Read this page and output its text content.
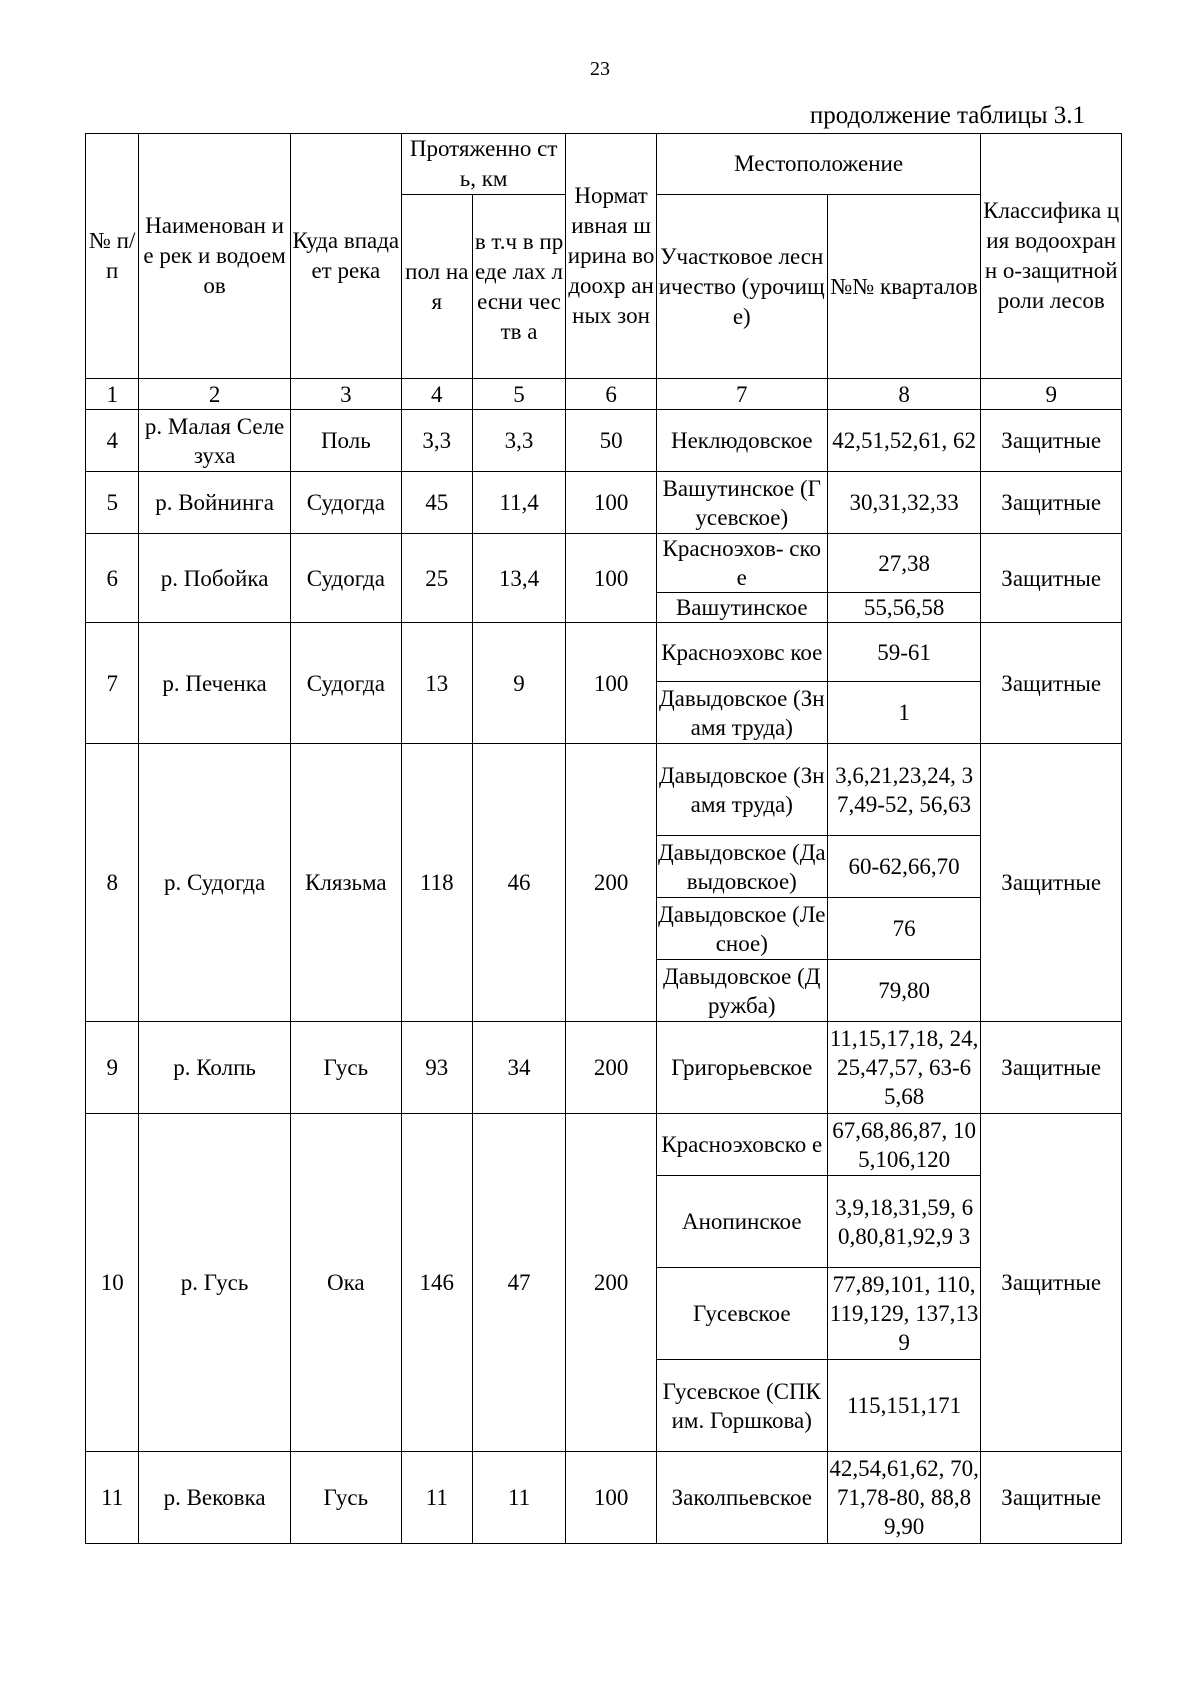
23
продолжение таблицы 3.1
№ п/п	Наименован ие рек и водоемов	Куда впадает река	Протяженно сть, км		Нормат ивная ширина водоохр анных зон	Местоположение		Классифика ция водоохранн о-защитной роли лесов
			пол ная	в т.ч в преде лах лесни честв а		Участковое лесничество (урочище)	№№ кварталов	
1	2	3	4	5	6	7	8	9
4	р. Малая Селезуха	Поль	3,3	3,3	50	Неклюдовское	42,51,52,61, 62	Защитные
5	р. Войнинга	Судогда	45	11,4	100	Вашутинское (Гусевское)	30,31,32,33	Защитные
6	р. Побойка	Судогда	25	13,4	100	Красноэхов- ское	27,38	Защитные
						Вашутинское	55,56,58	
7	р. Печенка	Судогда	13	9	100	Красноэховс кое	59-61	Защитные
						Давыдовское (Знамя труда)	1	
8	р. Судогда	Клязьма	118	46	200	Давыдовское (Знамя труда)	3,6,21,23,24, 37,49-52, 56,63	Защитные
						Давыдовское (Давыдовское)	60-62,66,70	
						Давыдовское (Лесное)	76	
						Давыдовское (Дружба)	79,80	
9	р. Колпь	Гусь	93	34	200	Григорьевское	11,15,17,18, 24,25,47,57, 63-65,68	Защитные
10	р. Гусь	Ока	146	47	200	Красноэховско е	67,68,86,87, 105,106,120	Защитные
						Анопинское	3,9,18,31,59, 60,80,81,92,9 3	
						Гусевское	77,89,101, 110,119,129, 137,139	
						Гусевское (СПК им. Горшкова)	115,151,171	
11	р. Вековка	Гусь	11	11	100	Заколпьевское	42,54,61,62, 70,71,78-80, 88,89,90	Защитные
